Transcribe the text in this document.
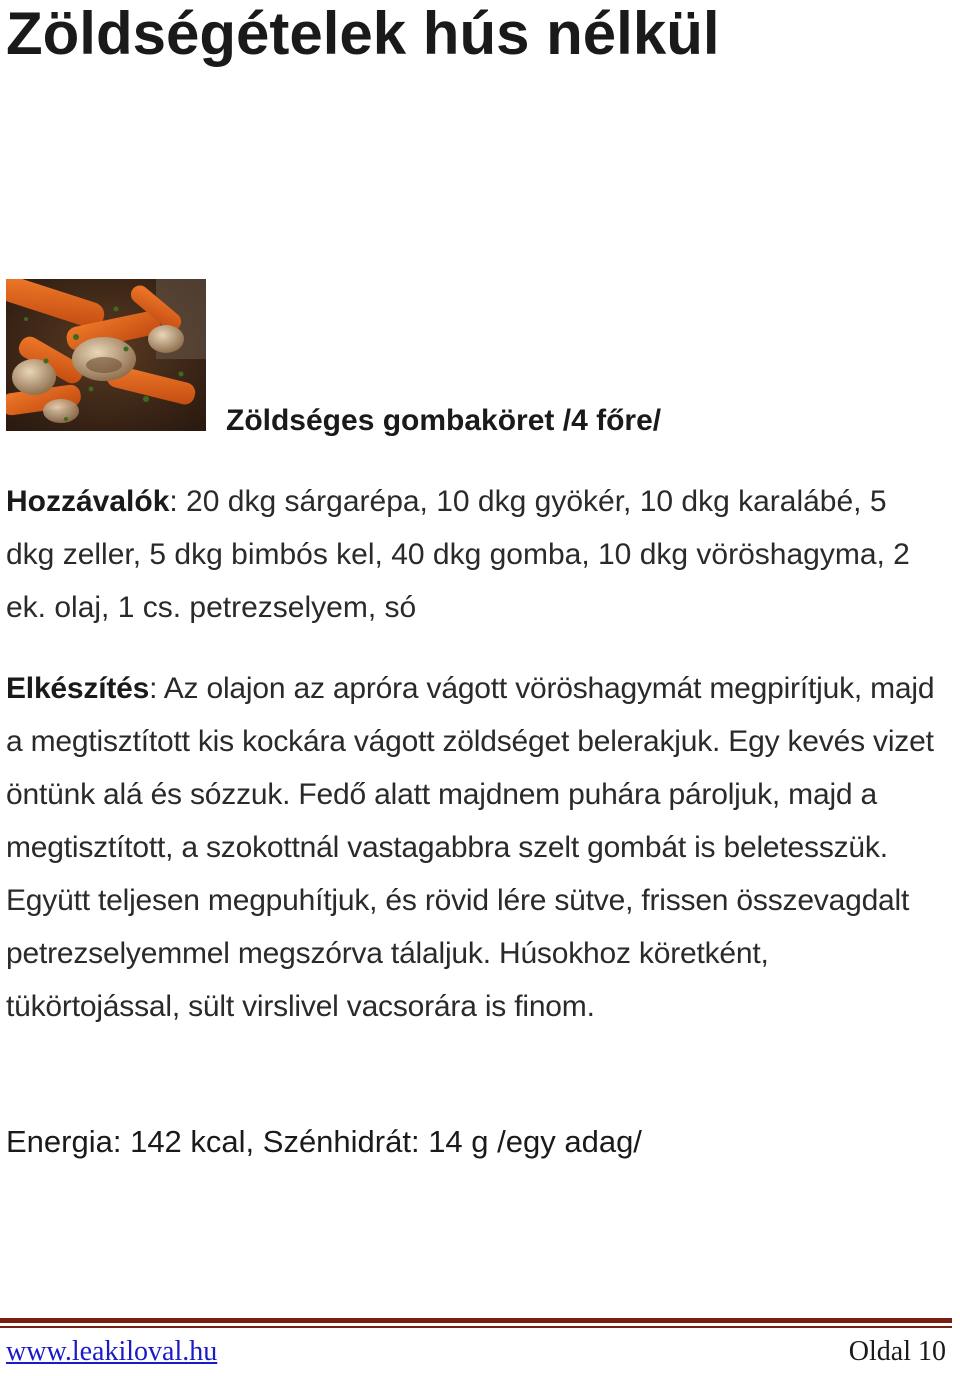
Zöldségételek hús nélkül
Zöldséges gombaköret /4 főre/

Hozzávalók: 20 dkg sárgarépa, 10 dkg gyökér, 10 dkg karalábé, 5 dkg zeller, 5 dkg bimbós kel, 40 dkg gomba, 10 dkg vöröshagyma, 2 ek. olaj, 1 cs. petrezselyem, só

Elkészítés: Az olajon az apróra vágott vöröshagymát megpirítjuk, majd a megtisztított kis kockára vágott zöldséget belerakjuk. Egy kevés vizet öntünk alá és sózzuk. Fedő alatt majdnem puhára pároljuk, majd a megtisztított, a szokottnál vastagabbra szelt gombát is beletesszük. Együtt teljesen megpuhítjuk, és rövid lére sütve, frissen összevagdalt petrezselyemmel megszórva tálaljuk. Húsokhoz köretként, tükörtojással, sült virslivel vacsorára is finom.

Energia: 142 kcal, Szénhidrát: 14 g /egy adag/

www.leakiloval.hu	Oldal 10
